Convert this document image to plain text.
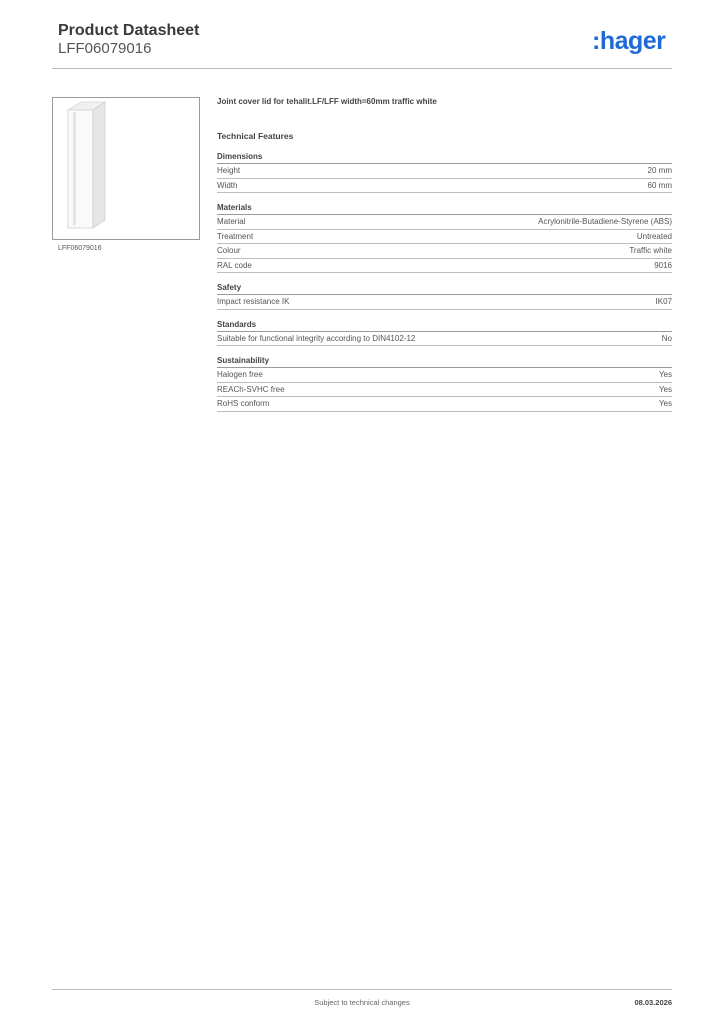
Product Datasheet
LFF06079016	:hager
LFF06079016
Joint cover lid for tehalit.LF/LFF width=60mm traffic white
Technical Features
Dimensions
Height	20 mm
Width	60 mm
Materials
Material	Acrylonitrile-Butadiene-Styrene (ABS)
Treatment	Untreated
Colour	Traffic white
RAL code	9016
Safety
Impact resistance IK	IK07
Standards
Suitable for functional integrity according to DIN4102-12	No
Sustainability
Halogen free	Yes
REACh-SVHC free	Yes
RoHS conform	Yes
Subject to technical changes	08.03.2026
